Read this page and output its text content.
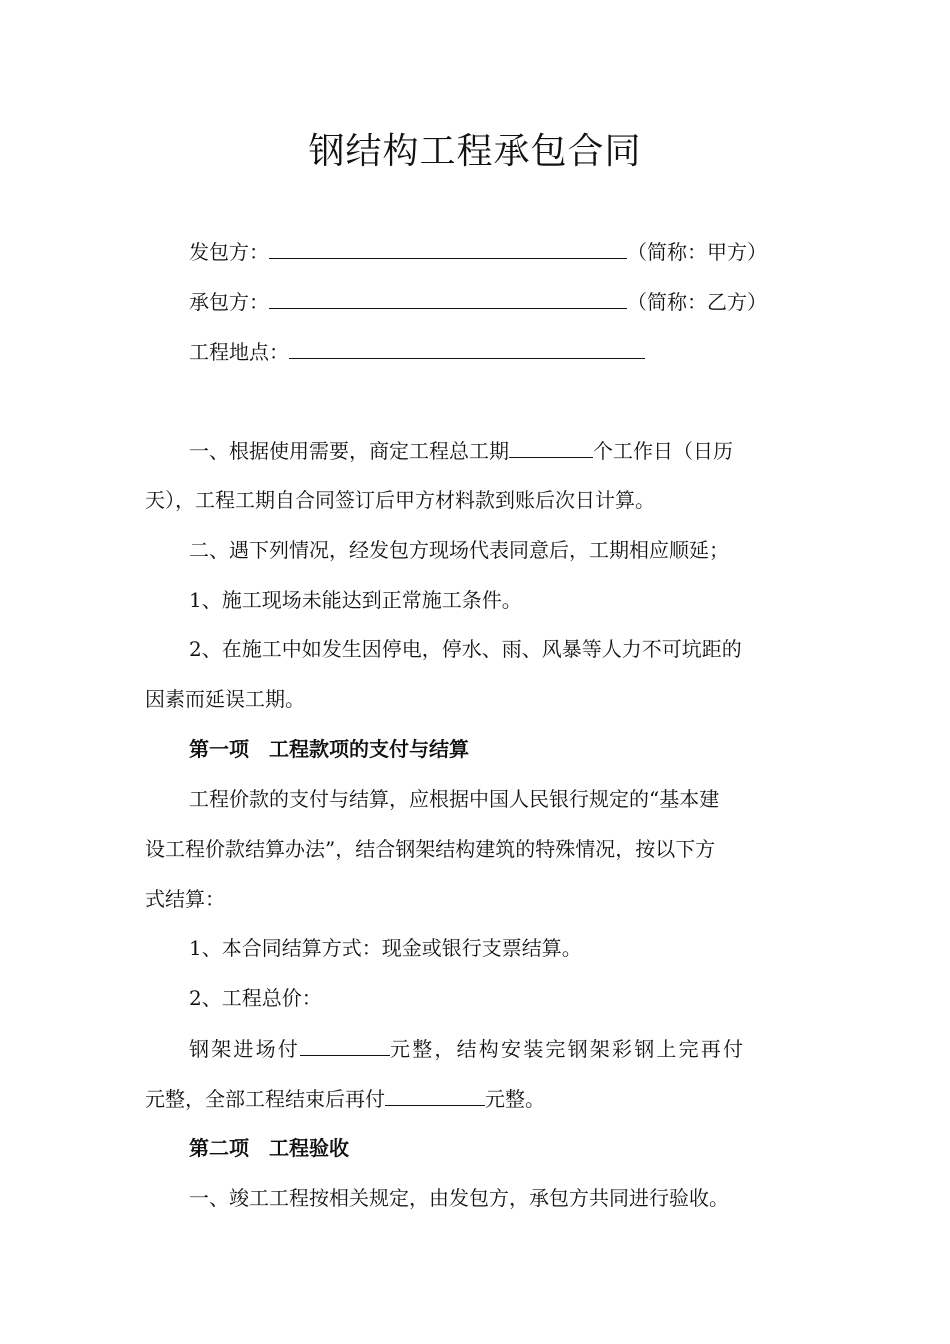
钢结构工程承包合同
发包方：	（简称：甲方）
承包方：	（简称：乙方）
工程地点：
一、根据使用需要，商定工程总工期	个工作日（日历
天），工程工期自合同签订后甲方材料款到账后次日计算。
二、遇下列情况，经发包方现场代表同意后，工期相应顺延；
1、施工现场未能达到正常施工条件。
2、在施工中如发生因停电，停水、雨、风暴等人力不可坑距的
因素而延误工期。
第一项 工程款项的支付与结算
工程价款的支付与结算，应根据中国人民银行规定的“基本建
设工程价款结算办法”，结合钢架结构建筑的特殊情况，按以下方
式结算：
1、本合同结算方式：现金或银行支票结算。
2、工程总价：
钢架进场付	元整，结构安装完钢架彩钢上完再付
元整，全部工程结束后再付	元整。
第二项 工程验收
一、竣工工程按相关规定，由发包方，承包方共同进行验收。
